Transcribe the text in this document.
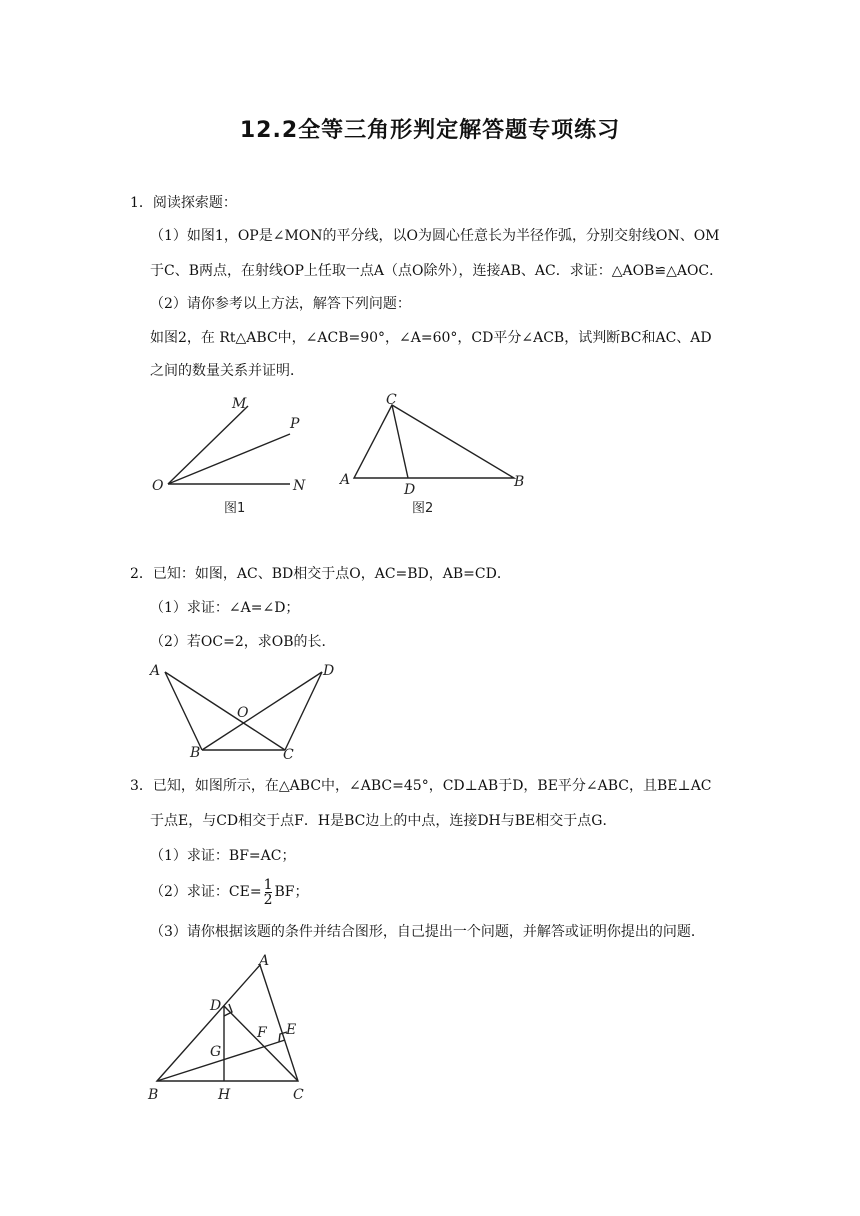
12.2全等三角形判定解答题专项练习
1．阅读探索题：
（1）如图1，OP是∠MON的平分线，以O为圆心任意长为半径作弧，分别交射线ON、OM
于C、B两点，在射线OP上任取一点A（点O除外），连接AB、AC．求证：△AOB≌△AOC．
（2）请你参考以上方法，解答下列问题：
如图2，在 Rt△ABC中，∠ACB=90°，∠A=60°，CD平分∠ACB，试判断BC和AC、AD
之间的数量关系并证明．
M
P
O	N
图1
C
A
D	B
图2
2．已知：如图，AC、BD相交于点O，AC=BD，AB=CD．
（1）求证：∠A=∠D；
（2）若OC=2，求OB的长．
A	D
O
B	C
3．已知，如图所示，在△ABC中，∠ABC=45°，CD⊥AB于D，BE平分∠ABC，且BE⊥AC
于点E，与CD相交于点F．H是BC边上的中点，连接DH与BE相交于点G．
（1）求证：BF=AC；
（2）求证：$CE= \frac{1}{2}$ BF；
（3）请你根据该题的条件并结合图形，自己提出一个问题，并解答或证明你提出的问题．
A
D
E
F
G
B	H	C
